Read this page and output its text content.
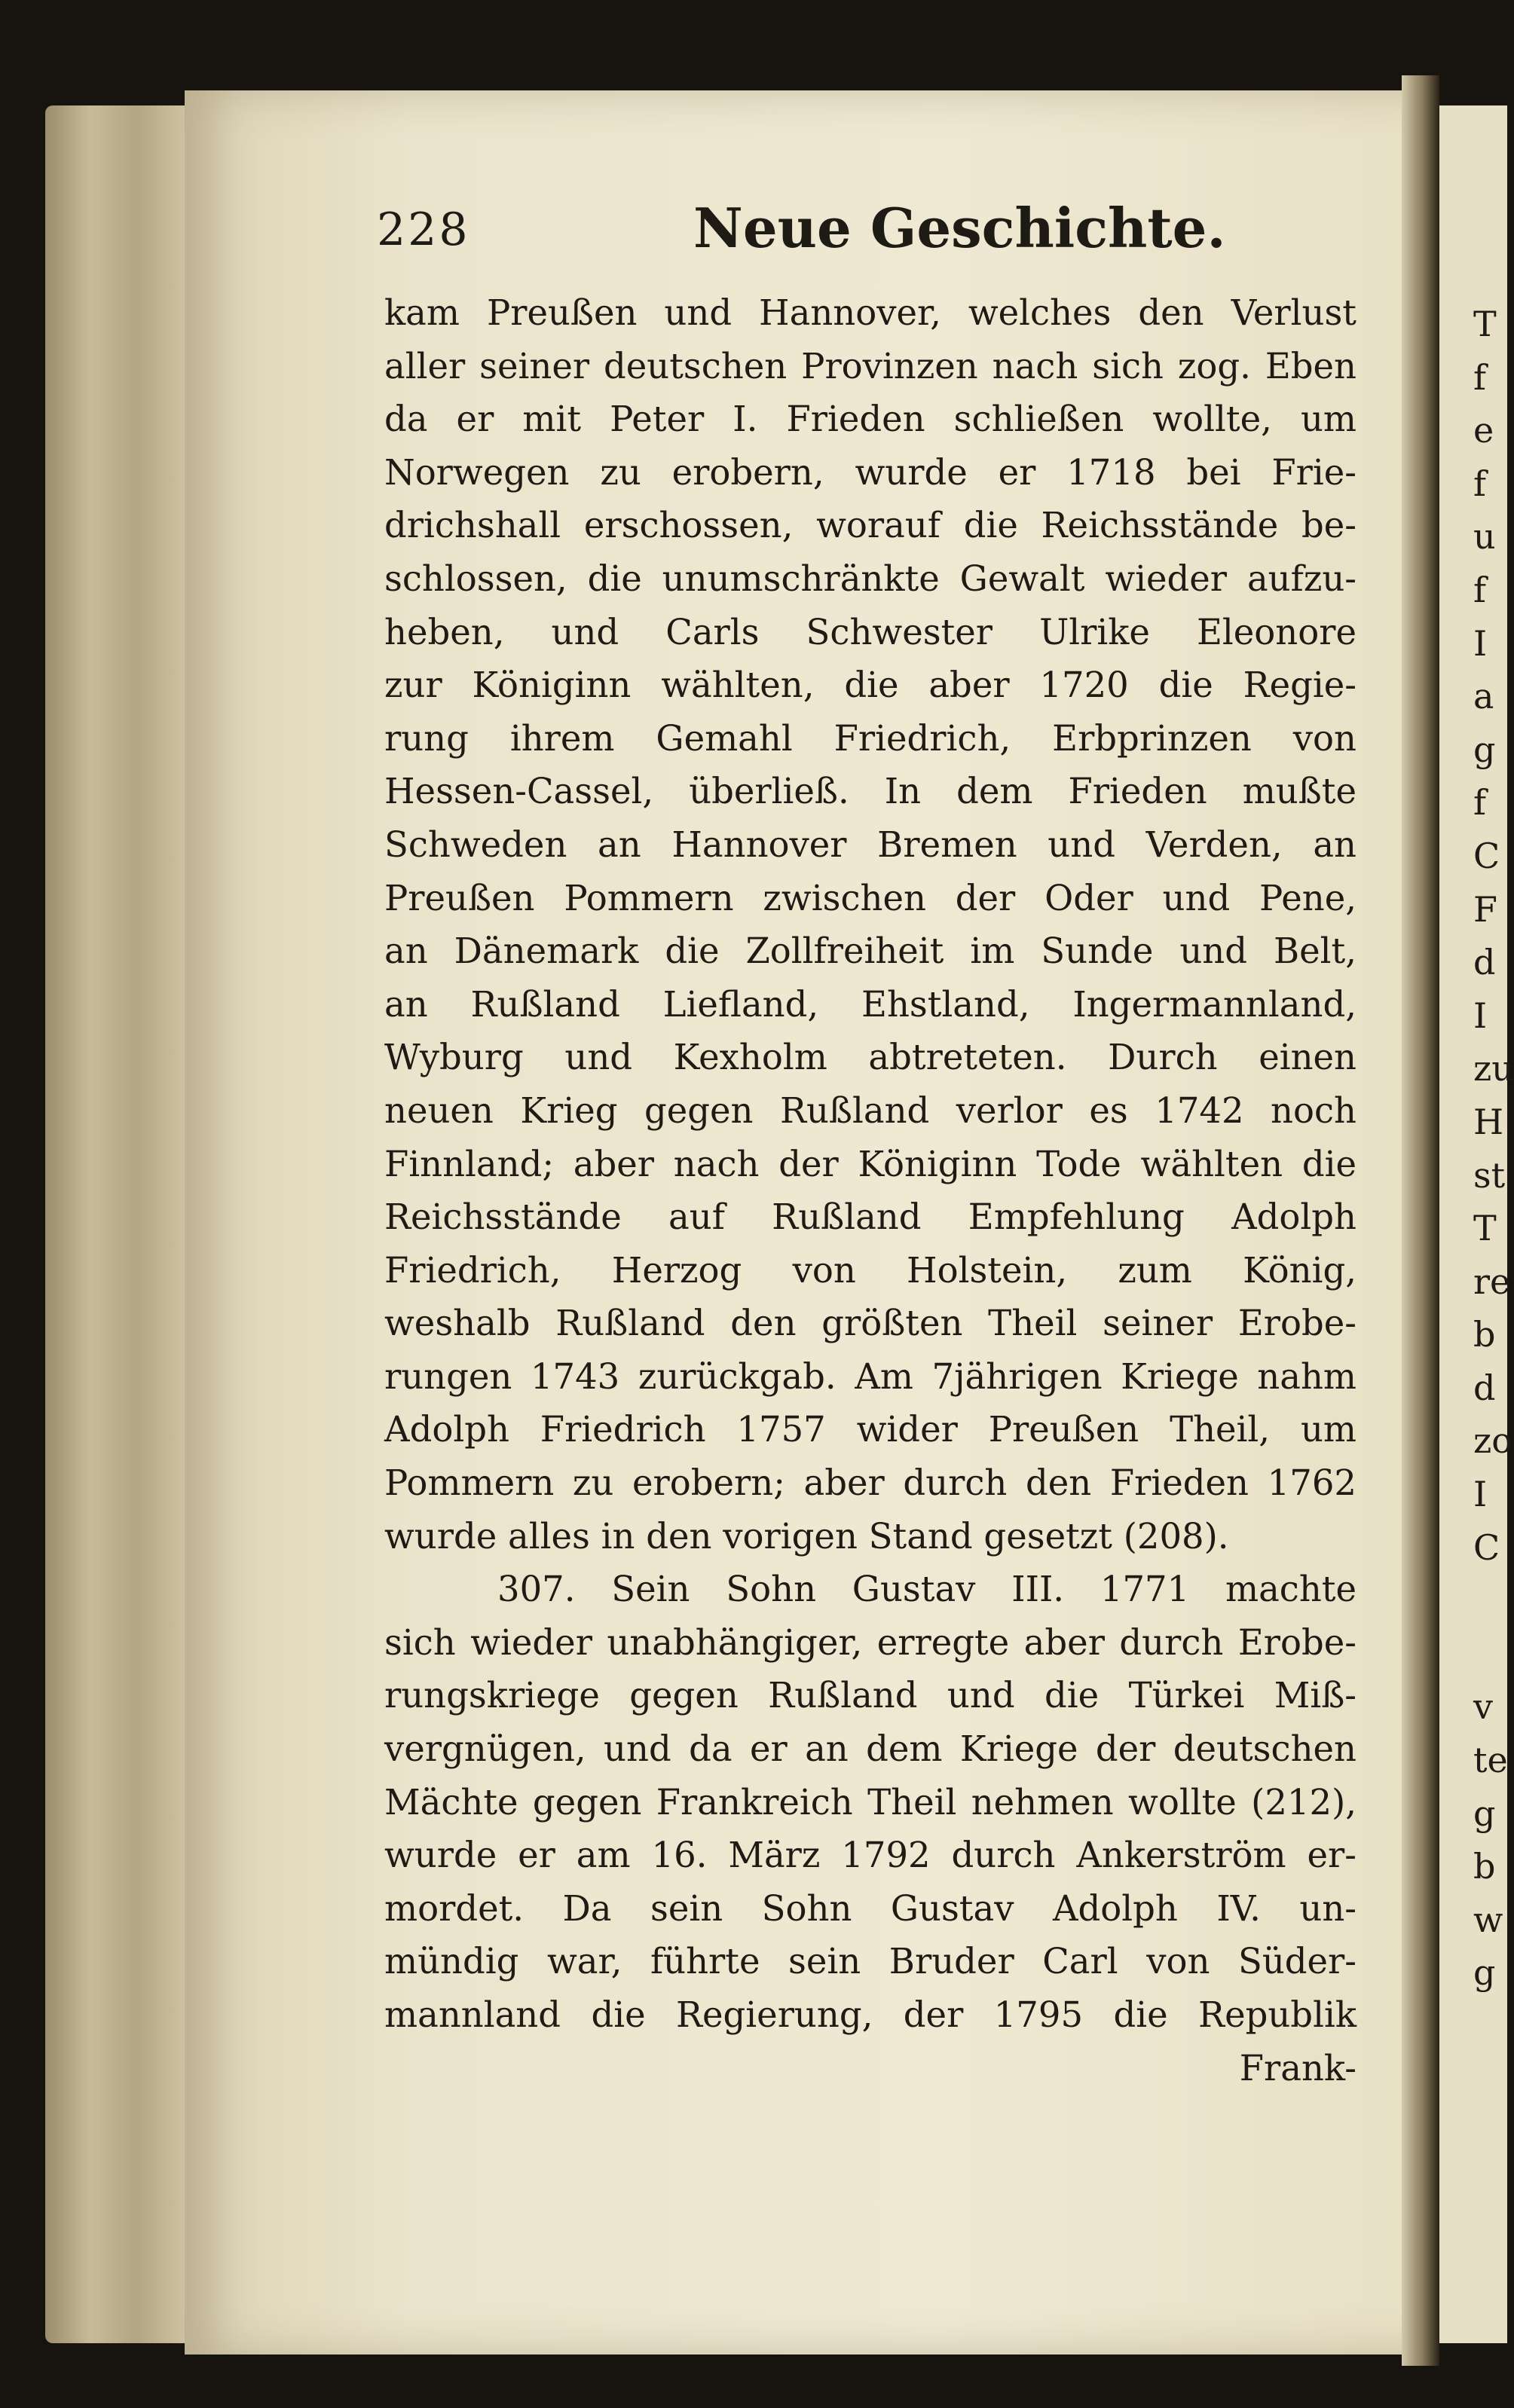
228	Neue Geschichte.
kam Preußen und Hannover, welches den Verlust
aller seiner deutschen Provinzen nach sich zog. Eben
da er mit Peter I. Frieden schließen wollte, um
Norwegen zu erobern, wurde er 1718 bei Frie-
drichshall erschossen, worauf die Reichsstände be-
schlossen, die unumschränkte Gewalt wieder aufzu-
heben, und Carls Schwester Ulrike Eleonore
zur Königinn wählten, die aber 1720 die Regie-
rung ihrem Gemahl Friedrich, Erbprinzen von
Hessen-Cassel, überließ. In dem Frieden mußte
Schweden an Hannover Bremen und Verden, an
Preußen Pommern zwischen der Oder und Pene,
an Dänemark die Zollfreiheit im Sunde und Belt,
an Rußland Liefland, Ehstland, Ingermannland,
Wyburg und Kexholm abtreteten. Durch einen
neuen Krieg gegen Rußland verlor es 1742 noch
Finnland; aber nach der Königinn Tode wählten die
Reichsstände auf Rußland Empfehlung Adolph
Friedrich, Herzog von Holstein, zum König,
weshalb Rußland den größten Theil seiner Erobe-
rungen 1743 zurückgab. Am 7jährigen Kriege nahm
Adolph Friedrich 1757 wider Preußen Theil, um
Pommern zu erobern; aber durch den Frieden 1762
wurde alles in den vorigen Stand gesetzt (208).
307. Sein Sohn Gustav III. 1771 machte
sich wieder unabhängiger, erregte aber durch Erobe-
rungskriege gegen Rußland und die Türkei Miß-
vergnügen, und da er an dem Kriege der deutschen
Mächte gegen Frankreich Theil nehmen wollte (212),
wurde er am 16. März 1792 durch Ankerström er-
mordet. Da sein Sohn Gustav Adolph IV. un-
mündig war, führte sein Bruder Carl von Süder-
mannland die Regierung, der 1795 die Republik
Frank-
T
f
e
f
u
f
I
a
g
f
C
F
d
I
zu
H
st
T
re
b
d
zo
I
C
v
te
g
b
w
g
